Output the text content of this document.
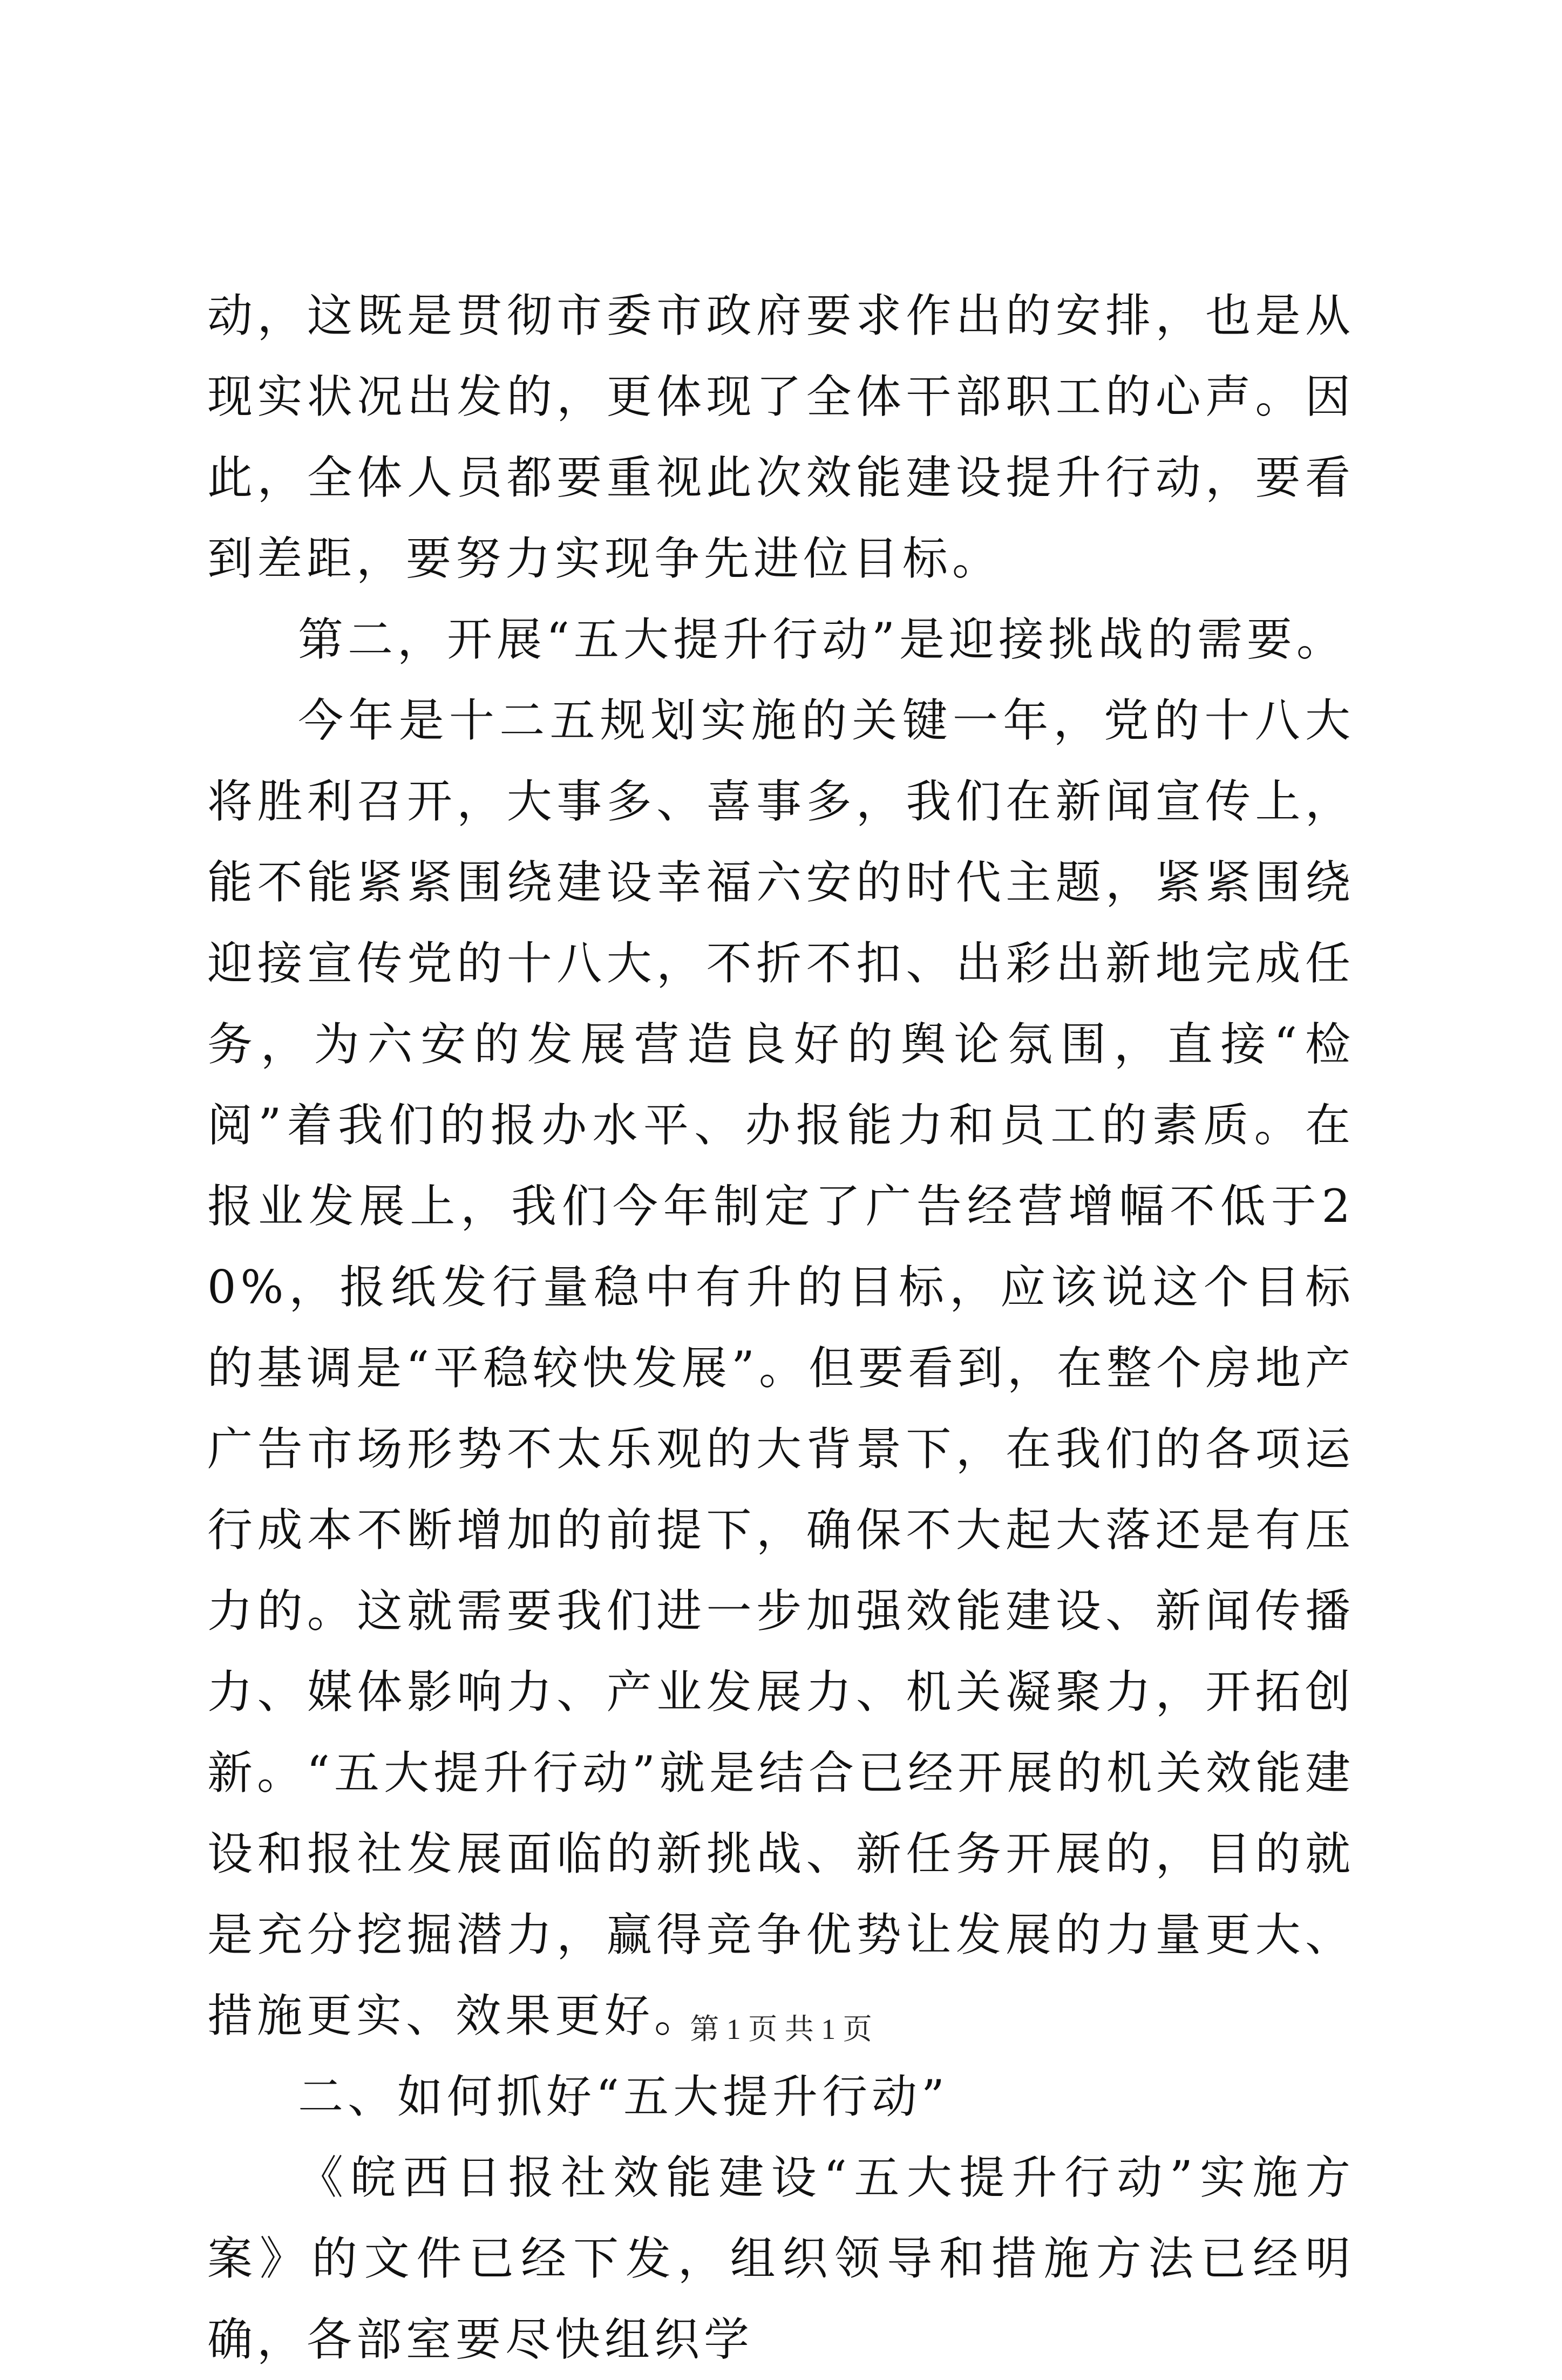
动，这既是贯彻市委市政府要求作出的安排，也是从现实状况出发的，更体现了全体干部职工的心声。因此，全体人员都要重视此次效能建设提升行动，要看到差距，要努力实现争先进位目标。

第二，开展“五大提升行动”是迎接挑战的需要。

今年是十二五规划实施的关键一年，党的十八大将胜利召开，大事多、喜事多，我们在新闻宣传上，能不能紧紧围绕建设幸福六安的时代主题，紧紧围绕迎接宣传党的十八大，不折不扣、出彩出新地完成任务，为六安的发展营造良好的舆论氛围，直接“检阅”着我们的报办水平、办报能力和员工的素质。在报业发展上，我们今年制定了广告经营增幅不低于20%，报纸发行量稳中有升的目标，应该说这个目标的基调是“平稳较快发展”。但要看到，在整个房地产广告市场形势不太乐观的大背景下，在我们的各项运行成本不断增加的前提下，确保不大起大落还是有压力的。这就需要我们进一步加强效能建设、新闻传播力、媒体影响力、产业发展力、机关凝聚力，开拓创新。“五大提升行动”就是结合已经开展的机关效能建设和报社发展面临的新挑战、新任务开展的，目的就是充分挖掘潜力，赢得竞争优势让发展的力量更大、措施更实、效果更好。

二、如何抓好“五大提升行动”

《皖西日报社效能建设“五大提升行动”实施方案》的文件已经下发，组织领导和措施方法已经明确，各部室要尽快组织学

第 1 页 共 1 页
